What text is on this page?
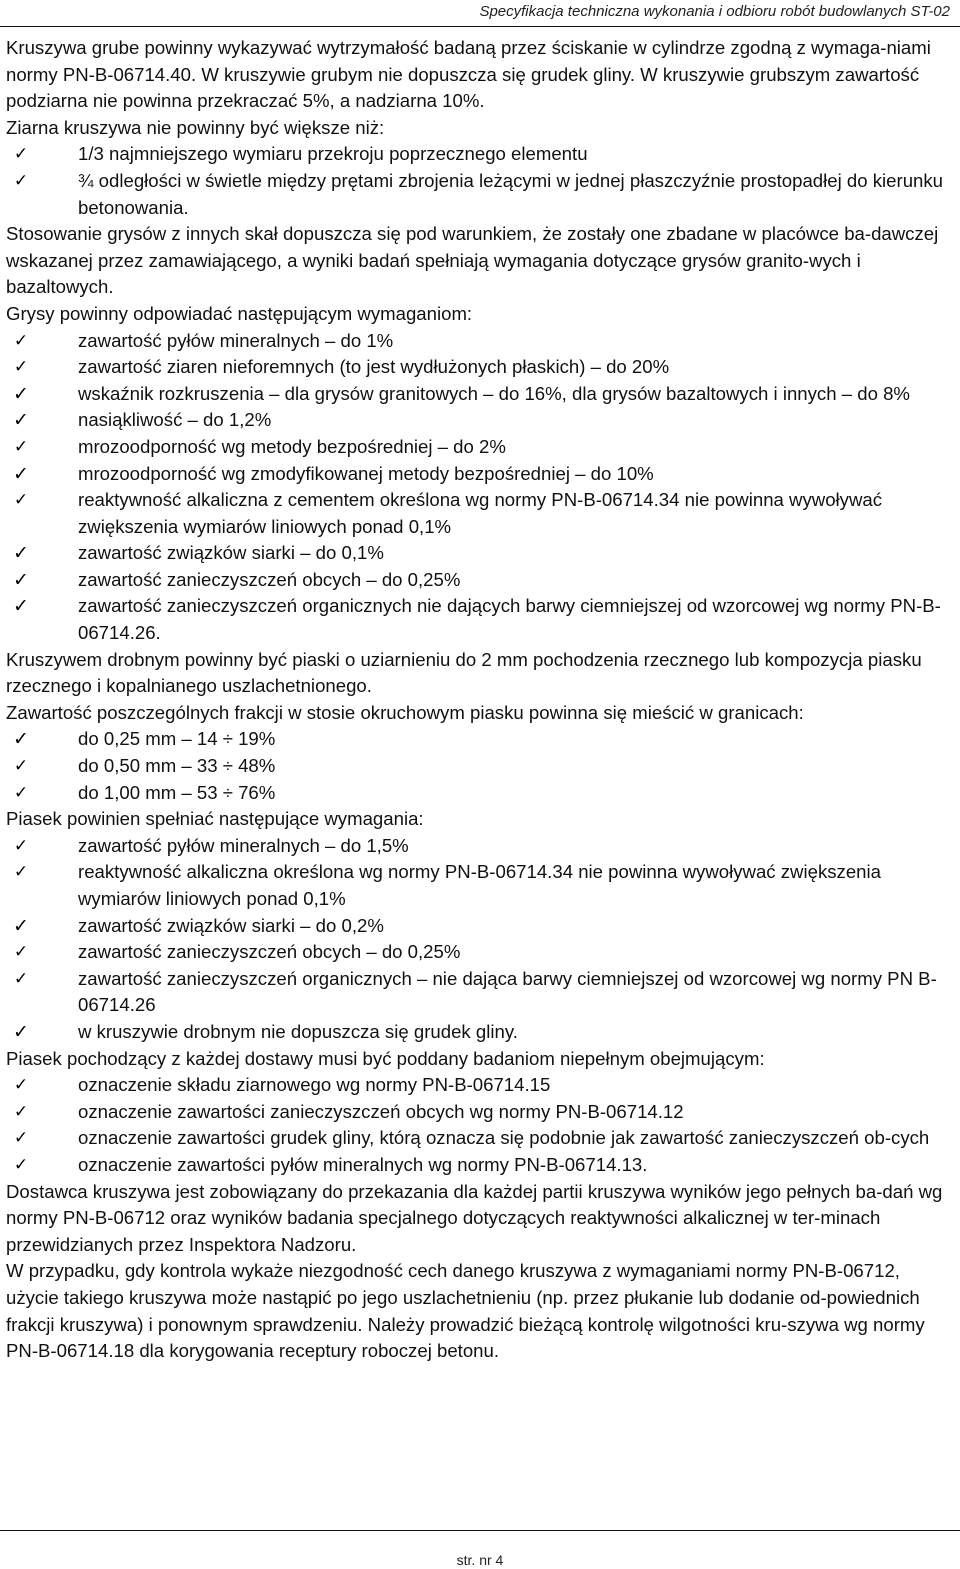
Specyfikacja techniczna wykonania i odbioru robót budowlanych ST-02

Kruszywa grube powinny wykazywać wytrzymałość badaną przez ściskanie w cylindrze zgodną z wymaga-niami normy PN-B-06714.40. W kruszywie grubym nie dopuszcza się grudek gliny. W kruszywie grubszym zawartość podziarna nie powinna przekraczać 5%, a nadziarna 10%.

Ziarna kruszywa nie powinny być większe niż:

✓	1/3 najmniejszego wymiaru przekroju poprzecznego elementu
✓	¾ odległości w świetle między prętami zbrojenia leżącymi w jednej płaszczyźnie prostopadłej do kierunku betonowania.

Stosowanie grysów z innych skał dopuszcza się pod warunkiem, że zostały one zbadane w placówce ba-dawczej wskazanej przez zamawiającego, a wyniki badań spełniają wymagania dotyczące grysów granito-wych i bazaltowych.

Grysy powinny odpowiadać następującym wymaganiom:

✓	zawartość pyłów mineralnych – do 1%
✓	zawartość ziaren nieforemnych (to jest wydłużonych płaskich) – do 20%
✓	wskaźnik rozkruszenia – dla grysów granitowych – do 16%, dla grysów bazaltowych i innych – do 8%
✓	nasiąkliwość – do 1,2%
✓	mrozoodporność wg metody bezpośredniej – do 2%
✓	mrozoodporność wg zmodyfikowanej metody bezpośredniej – do 10%
✓	reaktywność alkaliczna z cementem określona wg normy PN-B-06714.34 nie powinna wywoływać zwiększenia wymiarów liniowych ponad 0,1%
✓	zawartość związków siarki – do 0,1%
✓	zawartość zanieczyszczeń obcych – do 0,25%
✓	zawartość zanieczyszczeń organicznych nie dających barwy ciemniejszej od wzorcowej wg normy PN-B-06714.26.

Kruszywem drobnym powinny być piaski o uziarnieniu do 2 mm pochodzenia rzecznego lub kompozycja piasku rzecznego i kopalnianego uszlachetnionego.

Zawartość poszczególnych frakcji w stosie okruchowym piasku powinna się mieścić w granicach:

✓	do 0,25 mm – 14 ÷ 19%
✓	do 0,50 mm – 33 ÷ 48%
✓	do 1,00 mm – 53 ÷ 76%

Piasek powinien spełniać następujące wymagania:

✓	zawartość pyłów mineralnych – do 1,5%
✓	reaktywność alkaliczna określona wg normy PN-B-06714.34 nie powinna wywoływać zwiększenia wymiarów liniowych ponad 0,1%
✓	zawartość związków siarki – do 0,2%
✓	zawartość zanieczyszczeń obcych – do 0,25%
✓	zawartość zanieczyszczeń organicznych – nie dająca barwy ciemniejszej od wzorcowej wg normy PN B-06714.26
✓	w kruszywie drobnym nie dopuszcza się grudek gliny.

Piasek pochodzący z każdej dostawy musi być poddany badaniom niepełnym obejmującym:

✓	oznaczenie składu ziarnowego wg normy PN-B-06714.15
✓	oznaczenie zawartości zanieczyszczeń obcych wg normy PN-B-06714.12
✓	oznaczenie zawartości grudek gliny, którą oznacza się podobnie jak zawartość zanieczyszczeń ob-cych
✓	oznaczenie zawartości pyłów mineralnych wg normy PN-B-06714.13.

Dostawca kruszywa jest zobowiązany do przekazania dla każdej partii kruszywa wyników jego pełnych ba-dań wg normy PN-B-06712 oraz wyników badania specjalnego dotyczących reaktywności alkalicznej w ter-minach przewidzianych przez Inspektora Nadzoru.

W przypadku, gdy kontrola wykaże niezgodność cech danego kruszywa z wymaganiami normy PN-B-06712, użycie takiego kruszywa może nastąpić po jego uszlachetnieniu (np. przez płukanie lub dodanie od-powiednich frakcji kruszywa) i ponownym sprawdzeniu. Należy prowadzić bieżącą kontrolę wilgotności kru-szywa wg normy PN-B-06714.18 dla korygowania receptury roboczej betonu.

str. nr 4
